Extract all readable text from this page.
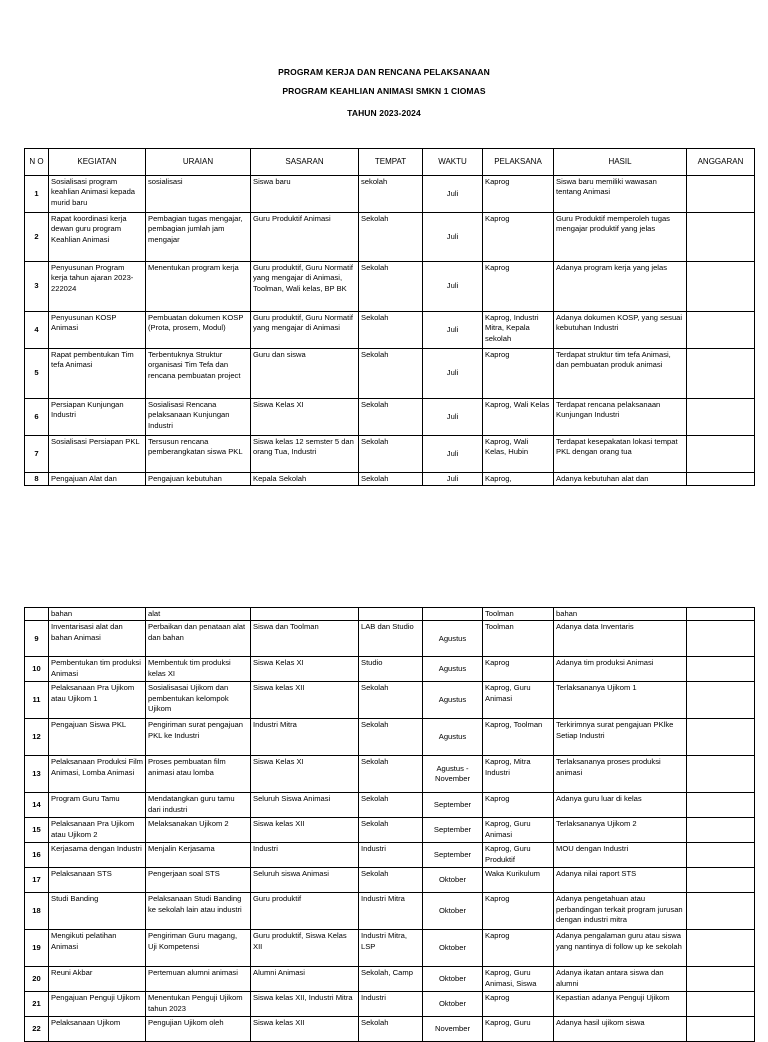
PROGRAM KERJA DAN RENCANA PELAKSANAAN
PROGRAM KEAHLIAN ANIMASI SMKN 1 CIOMAS
TAHUN 2023-2024
N O	KEGIATAN	URAIAN	SASARAN	TEMPAT	WAKTU	PELAKSANA	HASIL	ANGGARAN
1	Sosialisasi program keahlian Animasi kepada murid baru	sosialisasi	Siswa baru	sekolah	Juli	Kaprog	Siswa baru memiliki wawasan tentang Animasi	
2	Rapat koordinasi kerja dewan guru program Keahlian Animasi	Pembagian tugas mengajar, pembagian jumlah jam mengajar	Guru Produktif Animasi	Sekolah	Juli	Kaprog	Guru Produktif memperoleh tugas mengajar produktif yang jelas	
3	Penyusunan Program kerja tahun ajaran 2023-222024	Menentukan program kerja	Guru produktif, Guru Normatif yang mengajar di Animasi, Toolman, Wali kelas, BP BK	Sekolah	Juli	Kaprog	Adanya program kerja yang jelas	
4	Penyusunan KOSP Animasi	Pembuatan dokumen KOSP (Prota, prosem, Modul)	Guru produktif, Guru Normatif yang mengajar di Animasi	Sekolah	Juli	Kaprog, Industri Mitra, Kepala sekolah	Adanya dokumen KOSP, yang sesuai kebutuhan Industri	
5	Rapat pembentukan Tim tefa Animasi	Terbentuknya Struktur organisasi Tim Tefa dan rencana pembuatan project	Guru dan siswa	Sekolah	Juli	Kaprog	Terdapat struktur tim tefa Animasi, dan pembuatan produk animasi	
6	Persiapan Kunjungan Industri	Sosialisasi Rencana pelaksanaan Kunjungan Industri	Siswa Kelas XI	Sekolah	Juli	Kaprog, Wali Kelas	Terdapat rencana pelaksanaan Kunjungan Industri	
7	Sosialisasi Persiapan PKL	Tersusun rencana pemberangkatan siswa PKL	Siswa kelas 12 semster 5 dan orang Tua, Industri	Sekolah	Juli	Kaprog, Wali Kelas, Hubin	Terdapat kesepakatan lokasi tempat PKL dengan orang tua	
8	Pengajuan Alat dan	Pengajuan kebutuhan	Kepala Sekolah	Sekolah	Juli	Kaprog,	Adanya kebutuhan alat dan	
	bahan	alat				Toolman	bahan	
9	Inventarisasi alat dan bahan Animasi	Perbaikan dan penataan alat dan bahan	Siswa dan Toolman	LAB dan Studio	Agustus	Toolman	Adanya data Inventaris	
10	Pembentukan tim produksi Animasi	Membentuk tim produksi kelas XI	Siswa Kelas XI	Studio	Agustus	Kaprog	Adanya tim produksi Animasi	
11	Pelaksanaan Pra Ujikom atau Ujikom 1	Sosialisasai Ujikom dan pembentukan kelompok Ujikom	Siswa kelas XII	Sekolah	Agustus	Kaprog, Guru Animasi	Terlaksananya Ujikom 1	
12	Pengajuan Siswa PKL	Pengiriman surat pengajuan PKL ke Industri	Industri Mitra	Sekolah	Agustus	Kaprog, Toolman	Terkirimnya surat pengajuan PKlke Setiap Industri	
13	Pelaksanaan Produksi Film Animasi, Lomba Animasi	Proses pembuatan film animasi atau lomba	Siswa Kelas XI	Sekolah	Agustus - November	Kaprog, Mitra Industri	Terlaksananya proses produksi animasi	
14	Program Guru Tamu	Mendatangkan guru tamu dari industri	Seluruh Siswa Animasi	Sekolah	September	Kaprog	Adanya guru luar di kelas	
15	Pelaksanaan Pra Ujikom atau Ujikom 2	Melaksanakan Ujikom 2	Siswa kelas XII	Sekolah	September	Kaprog, Guru Animasi	Terlaksananya Ujikom 2	
16	Kerjasama dengan Industri	Menjalin Kerjasama	Industri	Industri	September	Kaprog, Guru Produktif	MOU dengan Industri	
17	Pelaksanaan STS	Pengerjaan soal STS	Seluruh siswa Animasi	Sekolah	Oktober	Waka Kurikulum	Adanya nilai raport STS	
18	Studi Banding	Pelaksanaan Studi Banding ke sekolah lain atau industri	Guru produktif	Industri Mitra	Oktober	Kaprog	Adanya pengetahuan atau perbandingan terkait program jurusan dengan industri mitra	
19	Mengikuti pelatihan Animasi	Pengiriman Guru magang, Uji Kompetensi	Guru produktif, Siswa Kelas XII	Industri Mitra, LSP	Oktober	Kaprog	Adanya pengalaman guru atau siswa yang nantinya di follow up ke sekolah	
20	Reuni Akbar	Pertemuan alumni animasi	Alumni Animasi	Sekolah, Camp	Oktober	Kaprog, Guru Animasi, Siswa	Adanya ikatan antara siswa dan alumni	
21	Pengajuan Penguji Ujikom	Menentukan Penguji Ujikom tahun 2023	Siswa kelas XII, Industri Mitra	Industri	Oktober	Kaprog	Kepastian adanya Penguji Ujikom	
22	Pelaksanaan Ujikom	Pengujian Ujikom oleh	Siswa kelas XII	Sekolah	November	Kaprog, Guru	Adanya hasil ujikom siswa	
